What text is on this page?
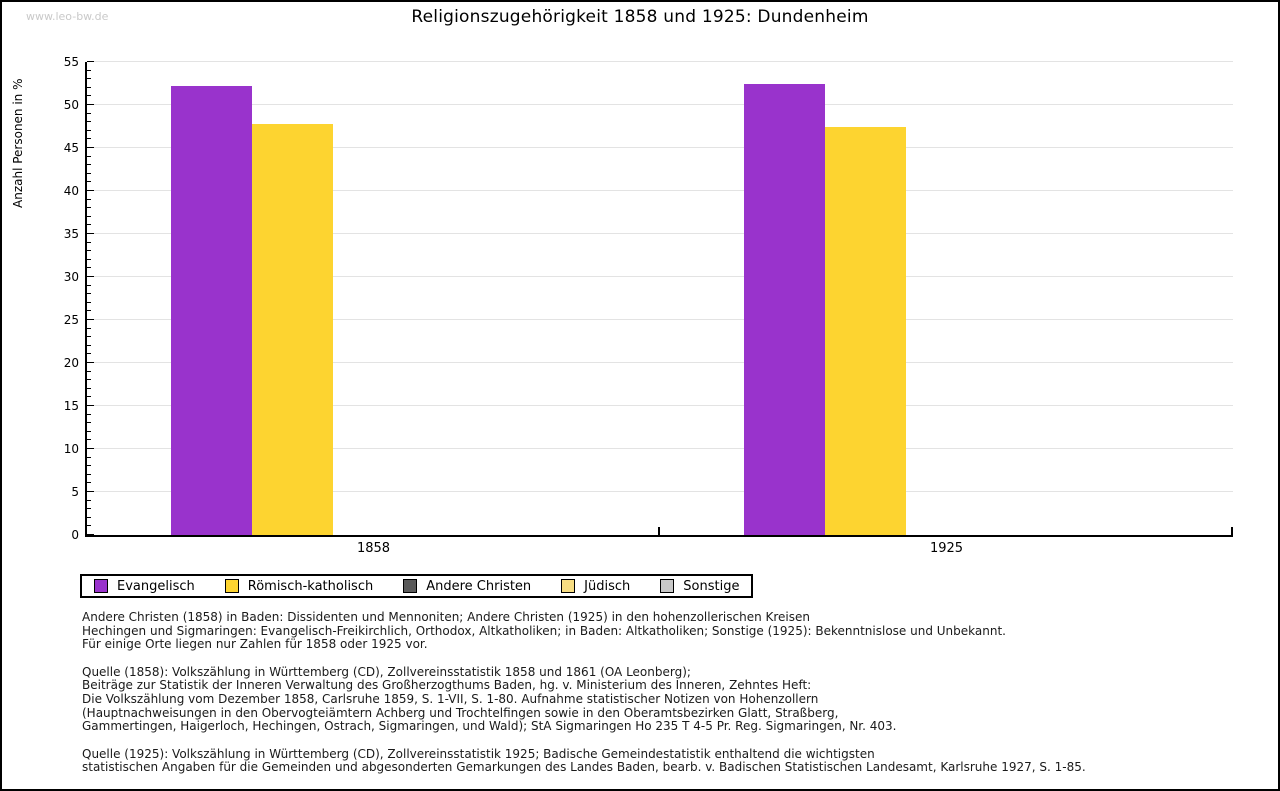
www.leo-bw.de	Religionszugehörigkeit 1858 und 1925: Dundenheim
Anzahl Personen in %
0
5
10
15
20
25
30
35
40
45
50
55
1858	1925
Evangelisch	Römisch-katholisch	Andere Christen	Jüdisch	Sonstige
Andere Christen (1858) in Baden: Dissidenten und Mennoniten; Andere Christen (1925) in den hohenzollerischen Kreisen
Hechingen und Sigmaringen: Evangelisch-Freikirchlich, Orthodox, Altkatholiken; in Baden: Altkatholiken; Sonstige (1925): Bekenntnislose und Unbekannt.
Für einige Orte liegen nur Zahlen für 1858 oder 1925 vor.
Quelle (1858): Volkszählung in Württemberg (CD), Zollvereinsstatistik 1858 und 1861 (OA Leonberg);
Beiträge zur Statistik der Inneren Verwaltung des Großherzogthums Baden, hg. v. Ministerium des Inneren, Zehntes Heft:
Die Volkszählung vom Dezember 1858, Carlsruhe 1859, S. 1-VII, S. 1-80. Aufnahme statistischer Notizen von Hohenzollern
(Hauptnachweisungen in den Obervogteiämtern Achberg und Trochtelfingen sowie in den Oberamtsbezirken Glatt, Straßberg,
Gammertingen, Haigerloch, Hechingen, Ostrach, Sigmaringen, und Wald); StA Sigmaringen Ho 235 T 4-5 Pr. Reg. Sigmaringen, Nr. 403.
Quelle (1925): Volkszählung in Württemberg (CD), Zollvereinsstatistik 1925; Badische Gemeindestatistik enthaltend die wichtigsten
statistischen Angaben für die Gemeinden und abgesonderten Gemarkungen des Landes Baden, bearb. v. Badischen Statistischen Landesamt, Karlsruhe 1927, S. 1-85.
